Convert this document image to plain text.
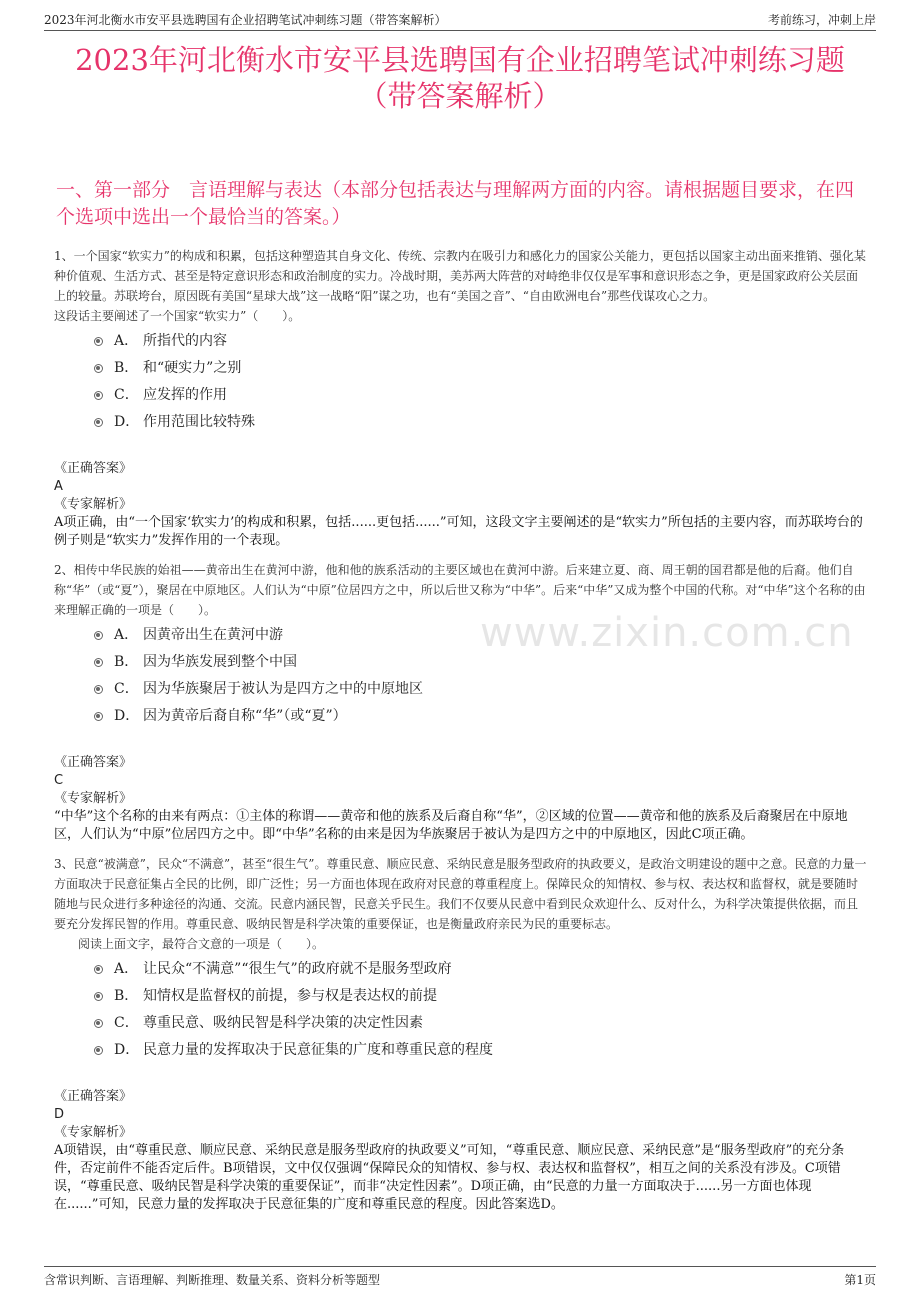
2023年河北衡水市安平县选聘国有企业招聘笔试冲刺练习题（带答案解析）	考前练习，冲刺上岸
2023年河北衡水市安平县选聘国有企业招聘笔试冲刺练习题
（带答案解析）
一、第一部分　言语理解与表达（本部分包括表达与理解两方面的内容。请根据题目要求，在四个选项中选出一个最恰当的答案。）
www.zixin.com.cn
1、一个国家“软实力”的构成和积累，包括这种塑造其自身文化、传统、宗教内在吸引力和感化力的国家公关能力，更包括以国家主动出面来推销、强化某种价值观、生活方式、甚至是特定意识形态和政治制度的实力。冷战时期，美苏两大阵营的对峙绝非仅仅是军事和意识形态之争，更是国家政府公关层面上的较量。苏联垮台，原因既有美国“星球大战”这一战略“阳”谋之功，也有“美国之音”、“自由欧洲电台”那些伐谋攻心之力。
这段话主要阐述了一个国家“软实力”（　　）。
A． 所指代的内容
B． 和“硬实力”之别
C． 应发挥的作用
D． 作用范围比较特殊
《正确答案》
A
《专家解析》
A项正确，由“一个国家‘软实力’的构成和积累，包括......更包括......”可知，这段文字主要阐述的是“软实力”所包括的主要内容，而苏联垮台的例子则是“软实力”发挥作用的一个表现。
2、相传中华民族的始祖——黄帝出生在黄河中游，他和他的族系活动的主要区域也在黄河中游。后来建立夏、商、周王朝的国君都是他的后裔。他们自称“华”（或“夏”），聚居在中原地区。人们认为“中原”位居四方之中，所以后世又称为“中华”。后来“中华”又成为整个中国的代称。对“中华”这个名称的由来理解正确的一项是（　　）。
A． 因黄帝出生在黄河中游
B． 因为华族发展到整个中国
C． 因为华族聚居于被认为是四方之中的中原地区
D． 因为黄帝后裔自称“华”（或“夏”）
《正确答案》
C
《专家解析》
“中华”这个名称的由来有两点：①主体的称谓——黄帝和他的族系及后裔自称“华”，②区域的位置——黄帝和他的族系及后裔聚居在中原地区，人们认为“中原”位居四方之中。即“中华”名称的由来是因为华族聚居于被认为是四方之中的中原地区，因此C项正确。
3、民意“被满意”，民众“不满意”，甚至“很生气”。尊重民意、顺应民意、采纳民意是服务型政府的执政要义，是政治文明建设的题中之意。民意的力量一方面取决于民意征集占全民的比例，即广泛性；另一方面也体现在政府对民意的尊重程度上。保障民众的知情权、参与权、表达权和监督权，就是要随时随地与民众进行多种途径的沟通、交流。民意内涵民智，民意关乎民生。我们不仅要从民意中看到民众欢迎什么、反对什么，为科学决策提供依据，而且要充分发挥民智的作用。尊重民意、吸纳民智是科学决策的重要保证，也是衡量政府亲民为民的重要标志。
阅读上面文字，最符合文意的一项是（　　）。
A． 让民众“不满意”“很生气”的政府就不是服务型政府
B． 知情权是监督权的前提，参与权是表达权的前提
C． 尊重民意、吸纳民智是科学决策的决定性因素
D． 民意力量的发挥取决于民意征集的广度和尊重民意的程度
《正确答案》
D
《专家解析》
A项错误，由“尊重民意、顺应民意、采纳民意是服务型政府的执政要义”可知，“尊重民意、顺应民意、采纳民意”是“服务型政府”的充分条件，否定前件不能否定后件。B项错误，文中仅仅强调“保障民众的知情权、参与权、表达权和监督权”，相互之间的关系没有涉及。C项错误，“尊重民意、吸纳民智是科学决策的重要保证”，而非“决定性因素”。D项正确，由“民意的力量一方面取决于......另一方面也体现在......”可知，民意力量的发挥取决于民意征集的广度和尊重民意的程度。因此答案选D。
含常识判断、言语理解、判断推理、数量关系、资料分析等题型	第1页
